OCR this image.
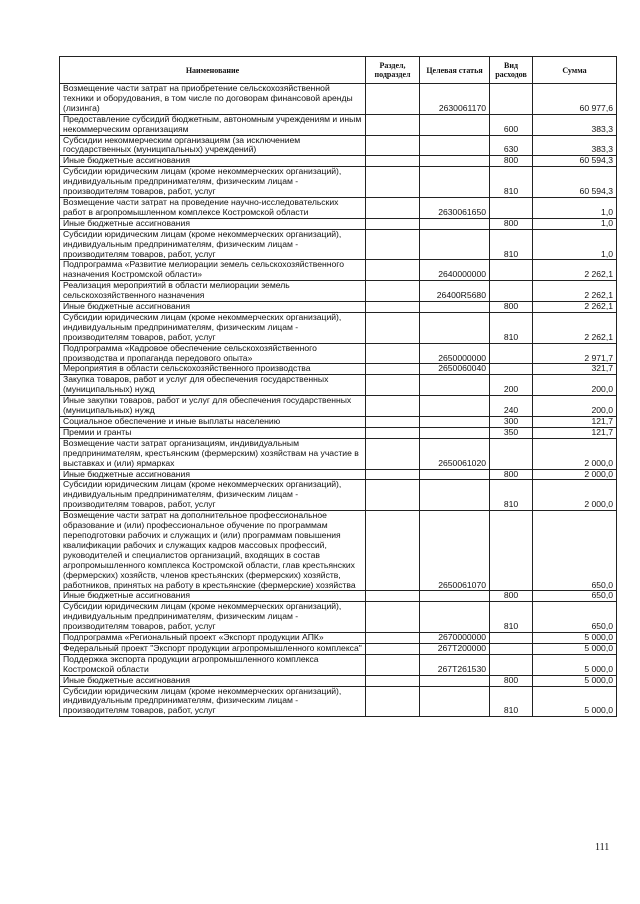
Наименование	Раздел, подраздел	Целевая статья	Вид расходов	Сумма
Возмещение части затрат на приобретение сельскохозяйственной техники и оборудования, в том числе по договорам финансовой аренды (лизинга)		2630061170		60 977,6
Предоставление субсидий бюджетным, автономным учреждениям и иным некоммерческим организациям			600	383,3
Субсидии некоммерческим организациям (за исключением государственных (муниципальных) учреждений)			630	383,3
Иные бюджетные ассигнования			800	60 594,3
Субсидии юридическим лицам (кроме некоммерческих организаций), индивидуальным предпринимателям, физическим лицам - производителям товаров, работ, услуг			810	60 594,3
Возмещение части затрат на проведение научно-исследовательских работ в агропромышленном комплексе Костромской области		2630061650		1,0
Иные бюджетные ассигнования			800	1,0
Субсидии юридическим лицам (кроме некоммерческих организаций), индивидуальным предпринимателям, физическим лицам - производителям товаров, работ, услуг			810	1,0
Подпрограмма «Развитие мелиорации земель сельскохозяйственного назначения Костромской области»		2640000000		2 262,1
Реализация мероприятий в области мелиорации земель сельскохозяйственного назначения		26400R5680		2 262,1
Иные бюджетные ассигнования			800	2 262,1
Субсидии юридическим лицам (кроме некоммерческих организаций), индивидуальным предпринимателям, физическим лицам - производителям товаров, работ, услуг			810	2 262,1
Подпрограмма «Кадровое обеспечение сельскохозяйственного производства и пропаганда передового опыта»		2650000000		2 971,7
Мероприятия в области сельскохозяйственного производства		2650060040		321,7
Закупка товаров, работ и услуг для обеспечения государственных (муниципальных) нужд			200	200,0
Иные закупки товаров, работ и услуг для обеспечения государственных (муниципальных) нужд			240	200,0
Социальное обеспечение и иные выплаты населению			300	121,7
Премии и гранты			350	121,7
Возмещение части затрат организациям, индивидуальным предпринимателям, крестьянским (фермерским) хозяйствам на участие в выставках и (или) ярмарках		2650061020		2 000,0
Иные бюджетные ассигнования			800	2 000,0
Субсидии юридическим лицам (кроме некоммерческих организаций), индивидуальным предпринимателям, физическим лицам - производителям товаров, работ, услуг			810	2 000,0
Возмещение части затрат на дополнительное профессиональное образование и (или) профессиональное обучение по программам переподготовки рабочих и служащих и (или) программам повышения квалификации рабочих и служащих кадров массовых профессий, руководителей и специалистов организаций, входящих в состав агропромышленного комплекса Костромской области, глав крестьянских (фермерских) хозяйств, членов крестьянских (фермерских) хозяйств, работников, принятых на работу в крестьянские (фермерские) хозяйства		2650061070		650,0
Иные бюджетные ассигнования			800	650,0
Субсидии юридическим лицам (кроме некоммерческих организаций), индивидуальным предпринимателям, физическим лицам - производителям товаров, работ, услуг			810	650,0
Подпрограмма «Региональный проект «Экспорт продукции АПК»		2670000000		5 000,0
Федеральный проект "Экспорт продукции агропромышленного комплекса"		267Т200000		5 000,0
Поддержка экспорта продукции агропромышленного комплекса Костромской области		267Т261530		5 000,0
Иные бюджетные ассигнования			800	5 000,0
Субсидии юридическим лицам (кроме некоммерческих организаций), индивидуальным предпринимателям, физическим лицам - производителям товаров, работ, услуг			810	5 000,0
111
